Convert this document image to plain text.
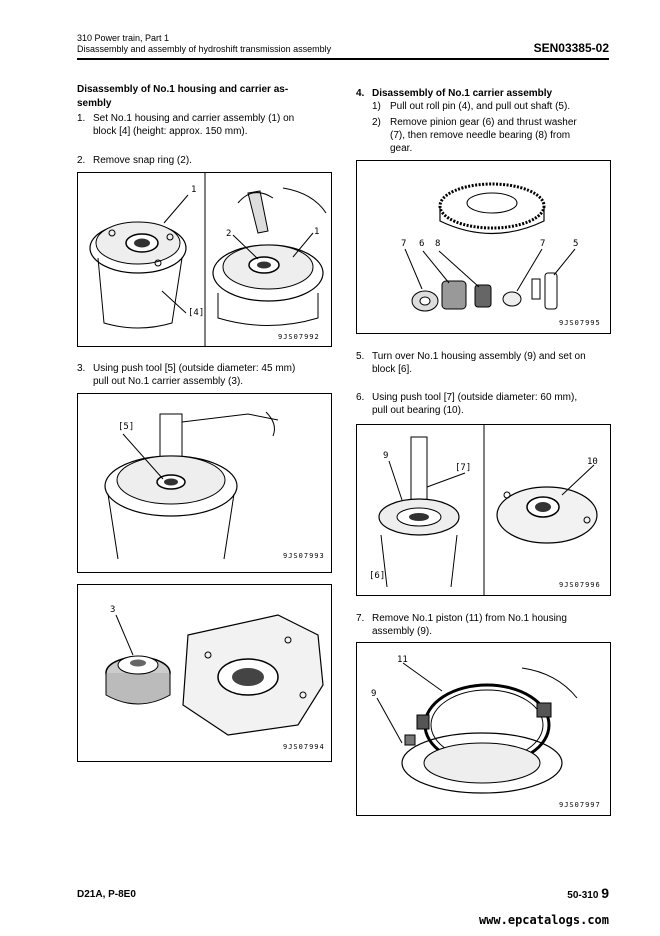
310 Power train, Part 1
Disassembly and assembly of hydroshift transmission assembly	SEN03385-02
Disassembly of No.1 housing and carrier as-
sembly
1. Set No.1 housing and carrier assembly (1) on
block [4] (height: approx. 150 mm).
2. Remove snap ring (2).
1
[4]
2	1
9JS07992
3. Using push tool [5] (outside diameter: 45 mm)
pull out No.1 carrier assembly (3).
[5]
9JS07993
3
9JS07994
4. Disassembly of No.1 carrier assembly
1) Pull out roll pin (4), and pull out shaft (5).
2) Remove pinion gear (6) and thrust washer
(7), then remove needle bearing (8) from
gear.
7 6 8	7	5
9JS07995
5. Turn over No.1 housing assembly (9) and set on
block [6].
6. Using push tool [7] (outside diameter: 60 mm),
pull out bearing (10).
9
[7]
[6]
10
9JS07996
7. Remove No.1 piston (11) from No.1 housing
assembly (9).
11
9
9JS07997
D21A, P-8E0	50-310 9
www.epcatalogs.com
